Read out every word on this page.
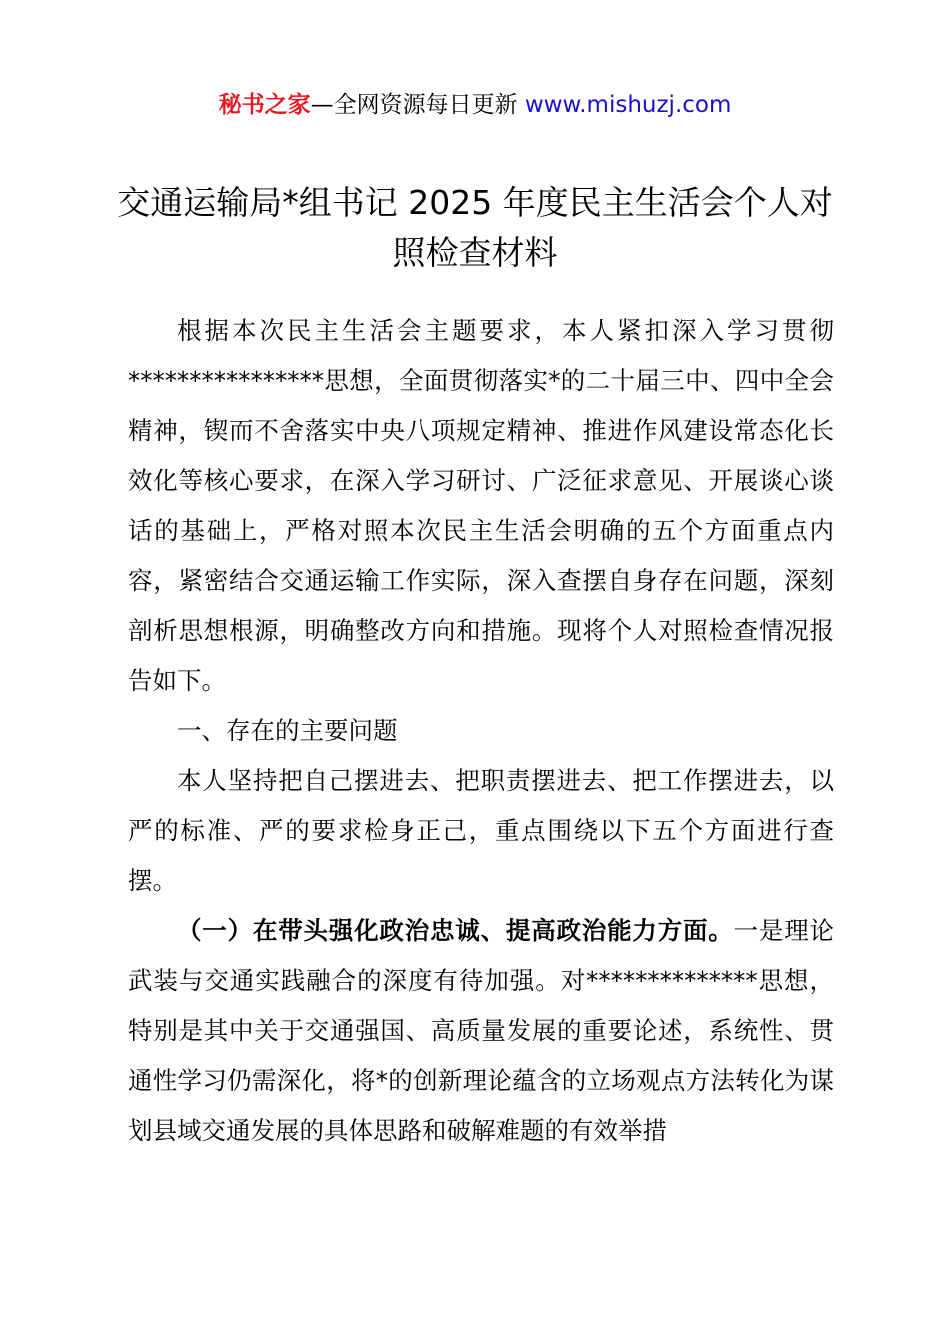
秘书之家—全网资源每日更新 www.mishuzj.com
交通运输局*组书记 2025 年度民主生活会个人对照检查材料

根据本次民主生活会主题要求，本人紧扣深入学习贯彻****************思想，全面贯彻落实*的二十届三中、四中全会精神，锲而不舍落实中央八项规定精神、推进作风建设常态化长效化等核心要求，在深入学习研讨、广泛征求意见、开展谈心谈话的基础上，严格对照本次民主生活会明确的五个方面重点内容，紧密结合交通运输工作实际，深入查摆自身存在问题，深刻剖析思想根源，明确整改方向和措施。现将个人对照检查情况报告如下。

一、存在的主要问题

本人坚持把自己摆进去、把职责摆进去、把工作摆进去，以严的标准、严的要求检身正己，重点围绕以下五个方面进行查摆。

（一）在带头强化政治忠诚、提高政治能力方面。一是理论武装与交通实践融合的深度有待加强。对**************思想，特别是其中关于交通强国、高质量发展的重要论述，系统性、贯通性学习仍需深化，将*的创新理论蕴含的立场观点方法转化为谋划县域交通发展的具体思路和破解难题的有效举措
